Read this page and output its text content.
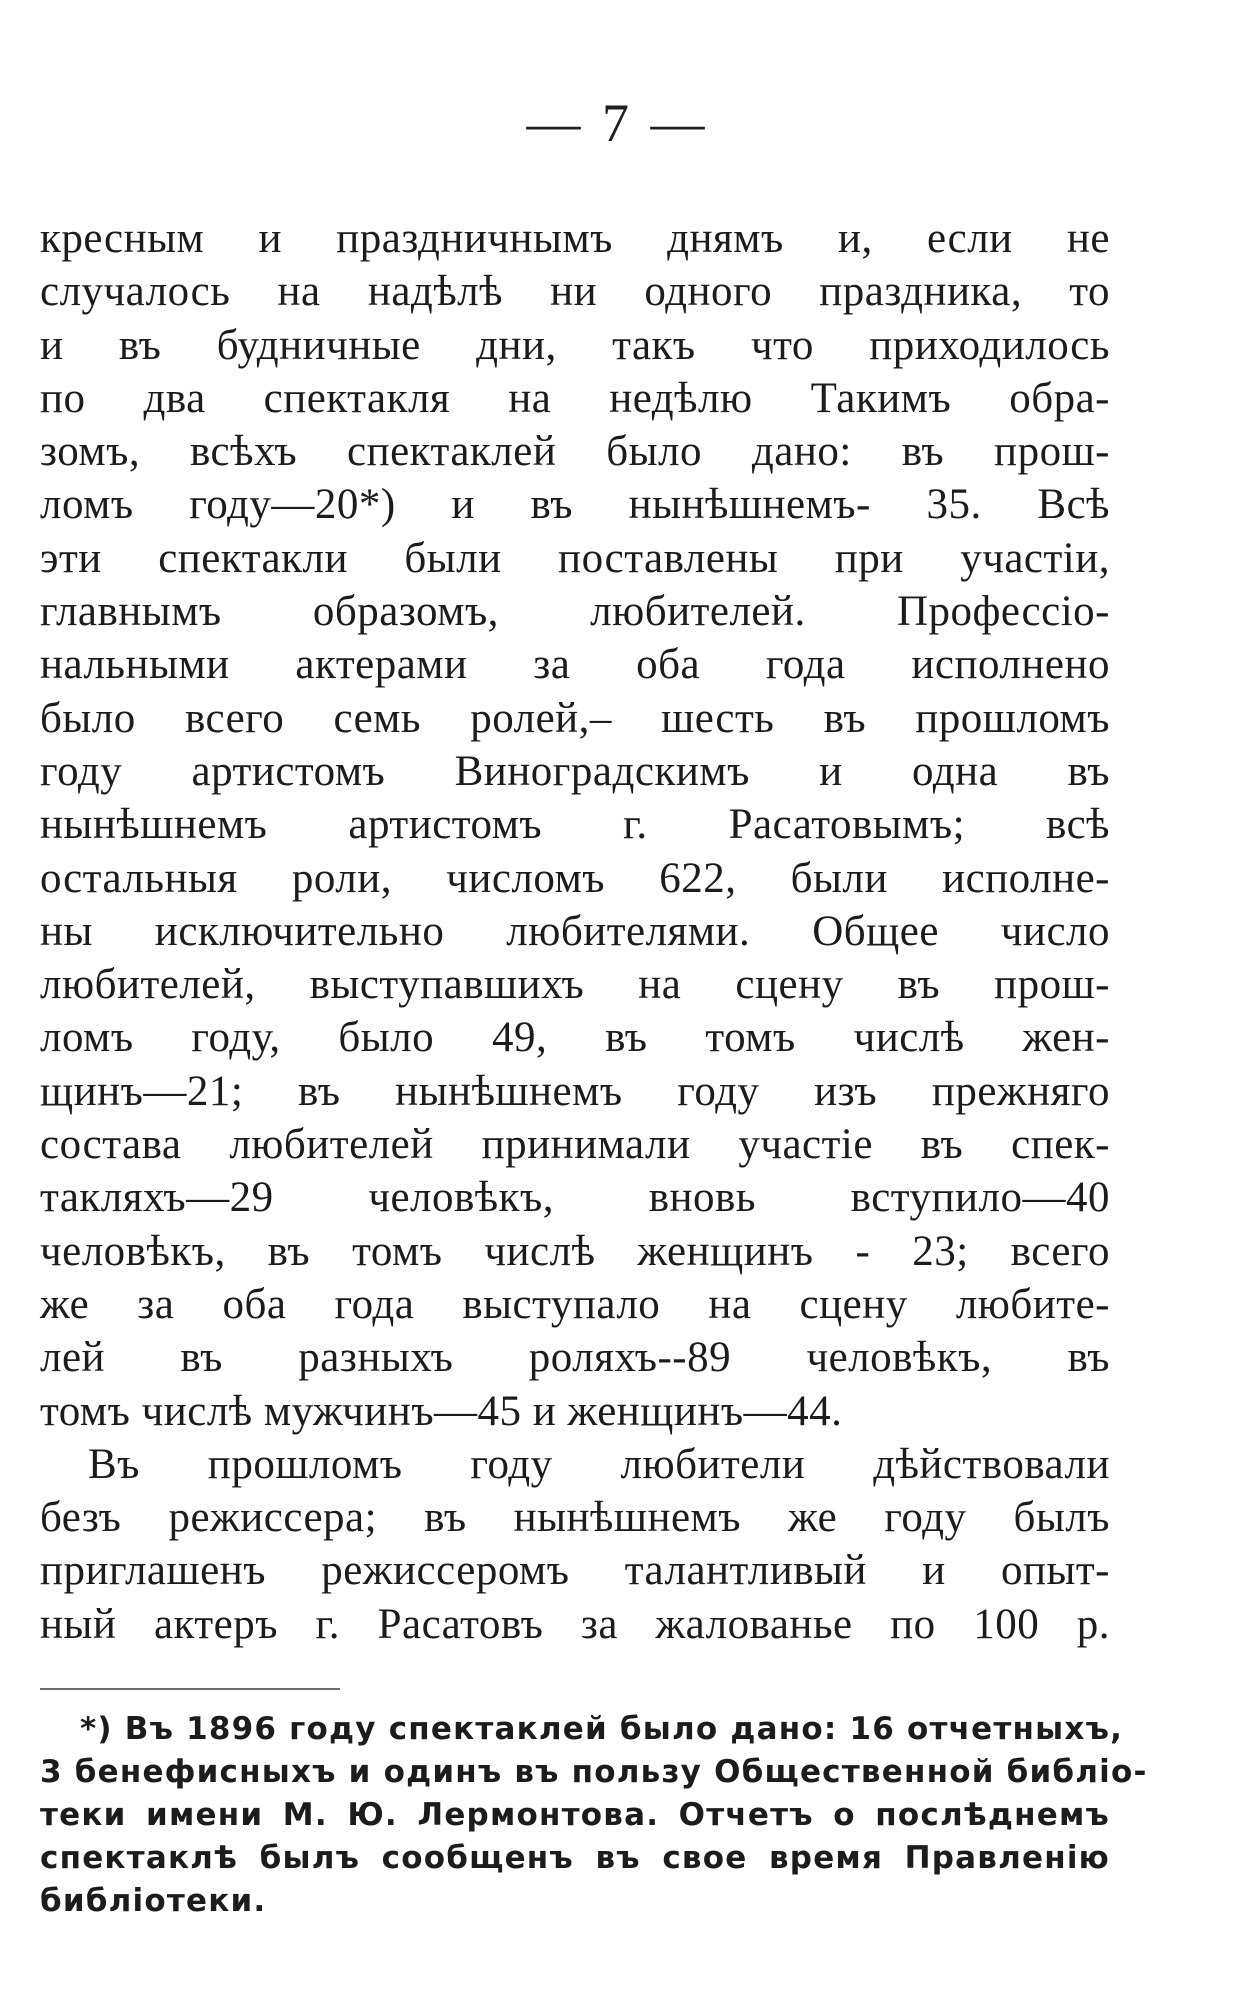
— 7 —
кресным и праздничнымъ днямъ и, если не
случалось на надѣлѣ ни одного праздника, то
и въ будничные дни, такъ что приходилось
по два спектакля на недѣлю Такимъ обра-
зомъ, всѣхъ спектаклей было дано: въ прош-
ломъ году—20*) и въ нынѣшнемъ- 35. Всѣ
эти спектакли были поставлены при участіи,
главнымъ образомъ, любителей. Профессіо-
нальными актерами за оба года исполнено
было всего семь ролей,– шесть въ прошломъ
году артистомъ Виноградскимъ и одна въ
нынѣшнемъ артистомъ г. Расатовымъ; всѣ
остальныя роли, числомъ 622, были исполне-
ны исключительно любителями. Общее число
любителей, выступавшихъ на сцену въ прош-
ломъ году, было 49, въ томъ числѣ жен-
щинъ—21; въ нынѣшнемъ году изъ прежняго
состава любителей принимали участіе въ спек-
такляхъ—29 человѣкъ, вновь вступило—40
человѣкъ, въ томъ числѣ женщинъ - 23; всего
же за оба года выступало на сцену любите-
лей въ разныхъ роляхъ--89 человѣкъ, въ
томъ числѣ мужчинъ—45 и женщинъ—44.
Въ прошломъ году любители дѣйствовали
безъ режиссера; въ нынѣшнемъ же году былъ
приглашенъ режиссеромъ талантливый и опыт-
ный актеръ г. Расатовъ за жалованье по 100 р.
*) Въ 1896 году спектаклей было дано: 16 отчетныхъ,
3 бенефисныхъ и одинъ въ пользу Общественной библіо-
теки имени М. Ю. Лермонтова. Отчетъ о послѣднемъ
спектаклѣ былъ сообщенъ въ свое время Правленію
библіотеки.
